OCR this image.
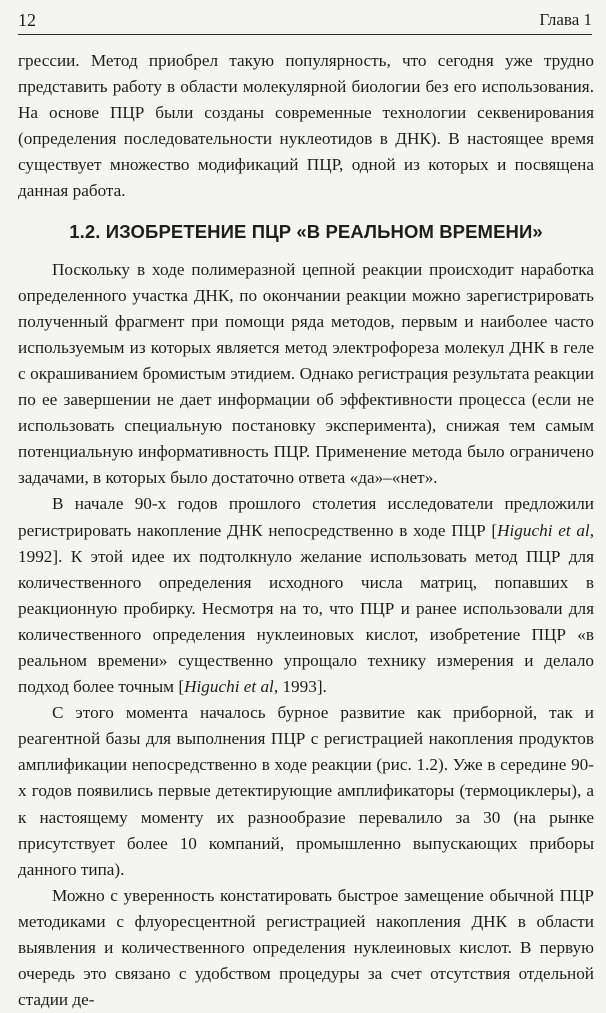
12	Глава 1

грессии. Метод приобрел такую популярность, что сегодня уже трудно представить работу в области молекулярной биологии без его использования. На основе ПЦР были созданы современные технологии секвенирования (определения последовательности нуклеотидов в ДНК). В настоящее время существует множество модификаций ПЦР, одной из которых и посвящена данная работа.

1.2. ИЗОБРЕТЕНИЕ ПЦР «В РЕАЛЬНОМ ВРЕМЕНИ»

Поскольку в ходе полимеразной цепной реакции происходит наработка определенного участка ДНК, по окончании реакции можно зарегистрировать полученный фрагмент при помощи ряда методов, первым и наиболее часто используемым из которых является метод электрофореза молекул ДНК в геле с окрашиванием бромистым этидием. Однако регистрация результата реакции по ее завершении не дает информации об эффективности процесса (если не использовать специальную постановку эксперимента), снижая тем самым потенциальную информативность ПЦР. Применение метода было ограничено задачами, в которых было достаточно ответа «да»–«нет».

В начале 90-х годов прошлого столетия исследователи предложили регистрировать накопление ДНК непосредственно в ходе ПЦР [Higuchi et al, 1992]. К этой идее их подтолкнуло желание использовать метод ПЦР для количественного определения исходного числа матриц, попавших в реакционную пробирку. Несмотря на то, что ПЦР и ранее использовали для количественного определения нуклеиновых кислот, изобретение ПЦР «в реальном времени» существенно упрощало технику измерения и делало подход более точным [Higuchi et al, 1993].

С этого момента началось бурное развитие как приборной, так и реагентной базы для выполнения ПЦР с регистрацией накопления продуктов амплификации непосредственно в ходе реакции (рис. 1.2). Уже в середине 90-х годов появились первые детектирующие амплификаторы (термоциклеры), а к настоящему моменту их разнообразие перевалило за 30 (на рынке присутствует более 10 компаний, промышленно выпускающих приборы данного типа).

Можно с уверенность констатировать быстрое замещение обычной ПЦР методиками с флуоресцентной регистрацией накопления ДНК в области выявления и количественного определения нуклеиновых кислот. В первую очередь это связано с удобством процедуры за счет отсутствия отдельной стадии де-
